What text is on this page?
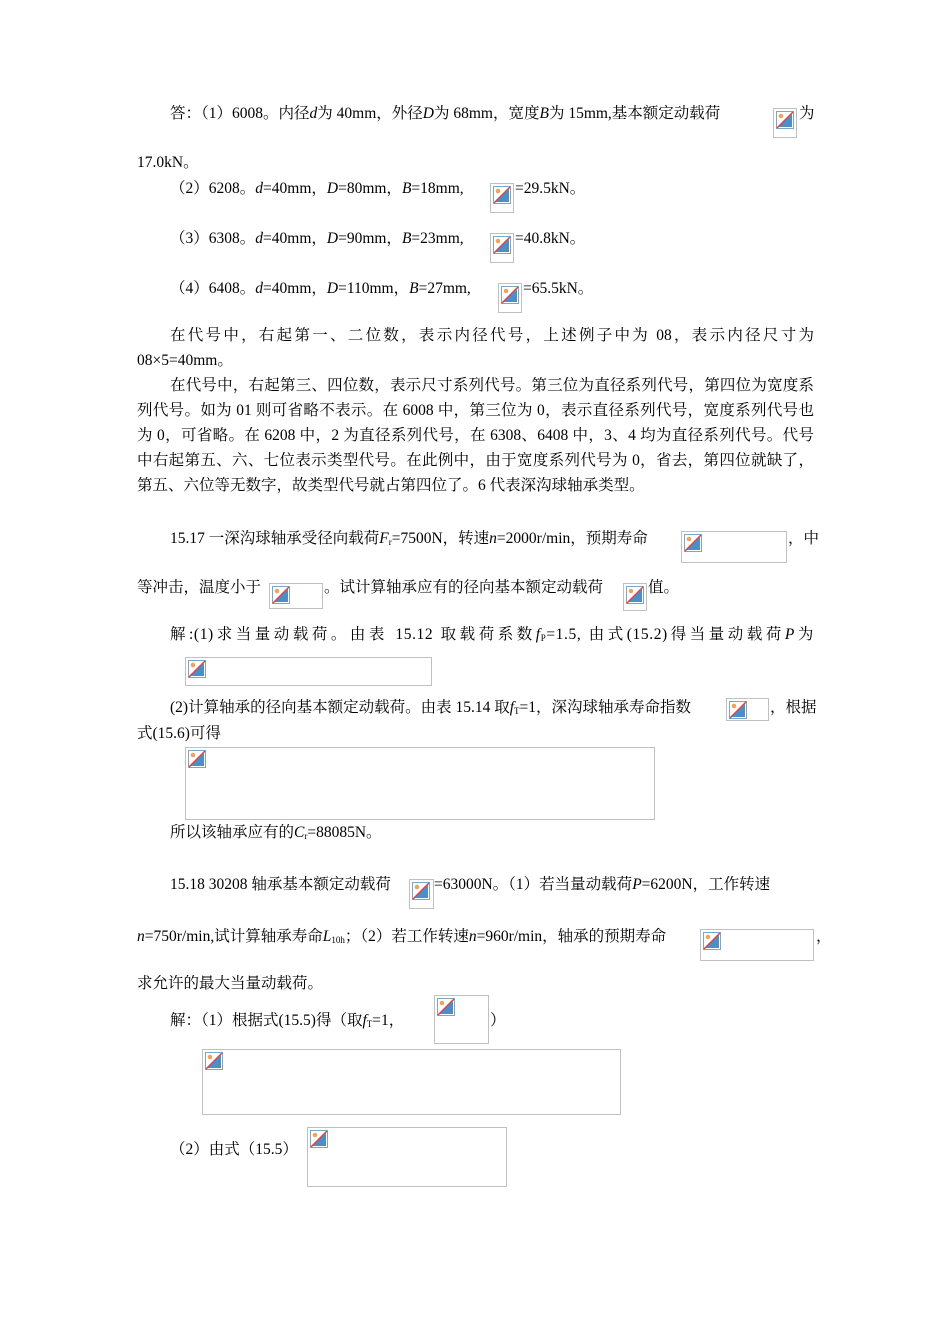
答：（1）6008。内径d为 40mm，外径D为 68mm，宽度B为 15mm,基本额定动载荷	为
17.0kN。
（2）6208。d=40mm，D=80mm，B=18mm,	=29.5kN。
（3）6308。d=40mm，D=90mm，B=23mm,	=40.8kN。
（4）6408。d=40mm，D=110mm，B=27mm,	=65.5kN。
在代号中，右起第一、二位数，表示内径代号，上述例子中为 08，表示内径尺寸为 08×5=40mm。
在代号中，右起第三、四位数，表示尺寸系列代号。第三位为直径系列代号，第四位为宽度系列代号。如为 01 则可省略不表示。在 6008 中，第三位为 0，表示直径系列代号，宽度系列代号也为 0，可省略。在 6208 中，2 为直径系列代号，在 6308、6408 中，3、4 均为直径系列代号。代号中右起第五、六、七位表示类型代号。在此例中，由于宽度系列代号为 0，省去，第四位就缺了，第五、六位等无数字，故类型代号就占第四位了。6 代表深沟球轴承类型。
15.17 一深沟球轴承受径向载荷$F_r=7500N$，转速n=2000r/min，预期寿命	，中
等冲击，温度小于	。试计算轴承应有的径向基本额定动载荷	值。
解:(1)求当量动载荷。由表 15.12 取载荷系数$f_P=1.5$, 由式(15.2)得当量动载荷P为
(2)计算轴承的径向基本额定动载荷。由表 15.14 取$f_T=1$，深沟球轴承寿命指数	，根据
式(15.6)可得
所以该轴承应有的$C_r=88085N$。
15.18 30208 轴承基本额定动载荷	=63000N。（1）若当量动载荷P=6200N，工作转速
n=750r/min,试计算轴承寿命$L_{10h}$；（2）若工作转速n=960r/min，轴承的预期寿命	，
求允许的最大当量动载荷。
解：（1）根据式(15.5)得（取$f_T=1$，	）
（2）由式（15.5）
